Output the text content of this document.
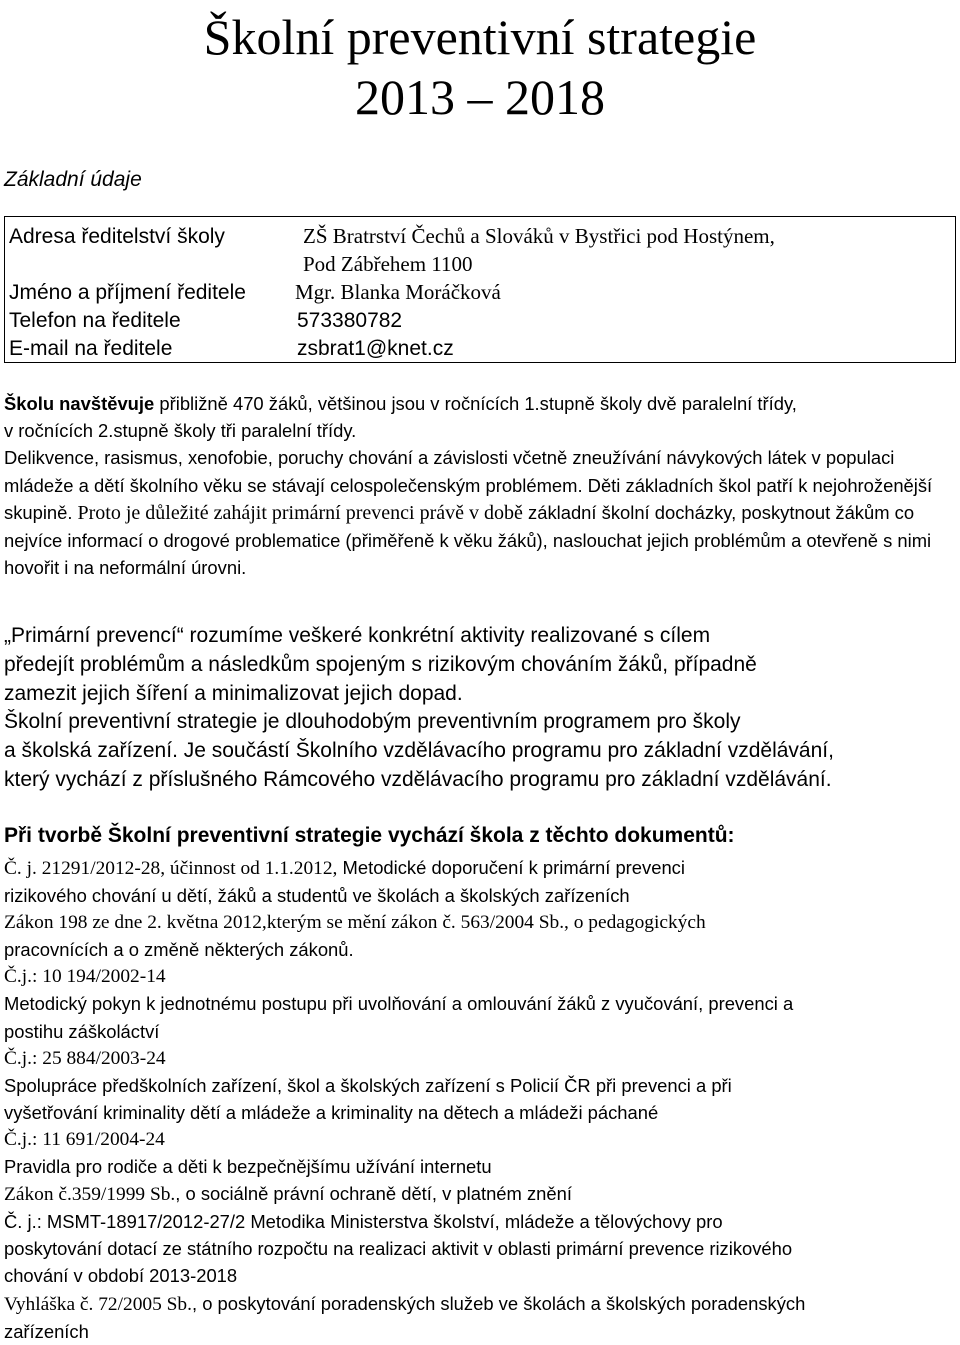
Školní preventivní strategie
2013 – 2018
Základní údaje
Adresa ředitelství školy	ZŠ Bratrství Čechů a Slováků v Bystřici pod Hostýnem,
Pod Zábřehem 1100
Jméno a příjmení ředitele Mgr. Blanka Moráčková
Telefon na ředitele	573380782
E-mail na ředitele	zsbrat1@knet.cz

Školu navštěvuje přibližně 470 žáků, většinou jsou v ročnících 1.stupně školy dvě paralelní třídy,

v ročnících 2.stupně školy tři paralelní třídy.

Delikvence, rasismus, xenofobie, poruchy chování a závislosti včetně zneužívání návykových látek v populaci mládeže a dětí školního věku se stávají celospolečenským problémem. Děti základních škol patří k nejohroženější skupině. Proto je důležité zahájit primární prevenci právě v době základní školní docházky, poskytnout žákům co nejvíce informací o drogové problematice (přiměřeně k věku žáků), naslouchat jejich problémům a otevřeně s nimi hovořit i na neformální úrovni.

„Primární prevencí“ rozumíme veškeré konkrétní aktivity realizované s cílem

předejít problémům a následkům spojeným s rizikovým chováním žáků, případně

zamezit jejich šíření a minimalizovat jejich dopad.

Školní preventivní strategie je dlouhodobým preventivním programem pro školy

a školská zařízení. Je součástí Školního vzdělávacího programu pro základní vzdělávání,

který vychází z příslušného Rámcového vzdělávacího programu pro základní vzdělávání.

Při tvorbě Školní preventivní strategie vychází škola z těchto dokumentů:
Č. j. 21291/2012-28, účinnost od 1.1.2012, Metodické doporučení k primární prevenci
rizikového chování u dětí, žáků a studentů ve školách a školských zařízeních
Zákon 198 ze dne 2. května 2012,kterým se mění zákon č. 563/2004 Sb., o pedagogických
pracovnících a o změně některých zákonů.
Č.j.: 10 194/2002-14
Metodický pokyn k jednotnému postupu při uvolňování a omlouvání žáků z vyučování, prevenci a
postihu záškoláctví
Č.j.: 25 884/2003-24
Spolupráce předškolních zařízení, škol a školských zařízení s Policií ČR při prevenci a při
vyšetřování kriminality dětí a mládeže a kriminality na dětech a mládeži páchané
Č.j.: 11 691/2004-24
Pravidla pro rodiče a děti k bezpečnějšímu užívání internetu
Zákon č.359/1999 Sb., o sociálně právní ochraně dětí, v platném znění
Č. j.: MSMT-18917/2012-27/2 Metodika Ministerstva školství, mládeže a tělovýchovy pro
poskytování dotací ze státního rozpočtu na realizaci aktivit v oblasti primární prevence rizikového
chování v období 2013-2018
Vyhláška č. 72/2005 Sb., o poskytování poradenských služeb ve školách a školských poradenských
zařízeních
